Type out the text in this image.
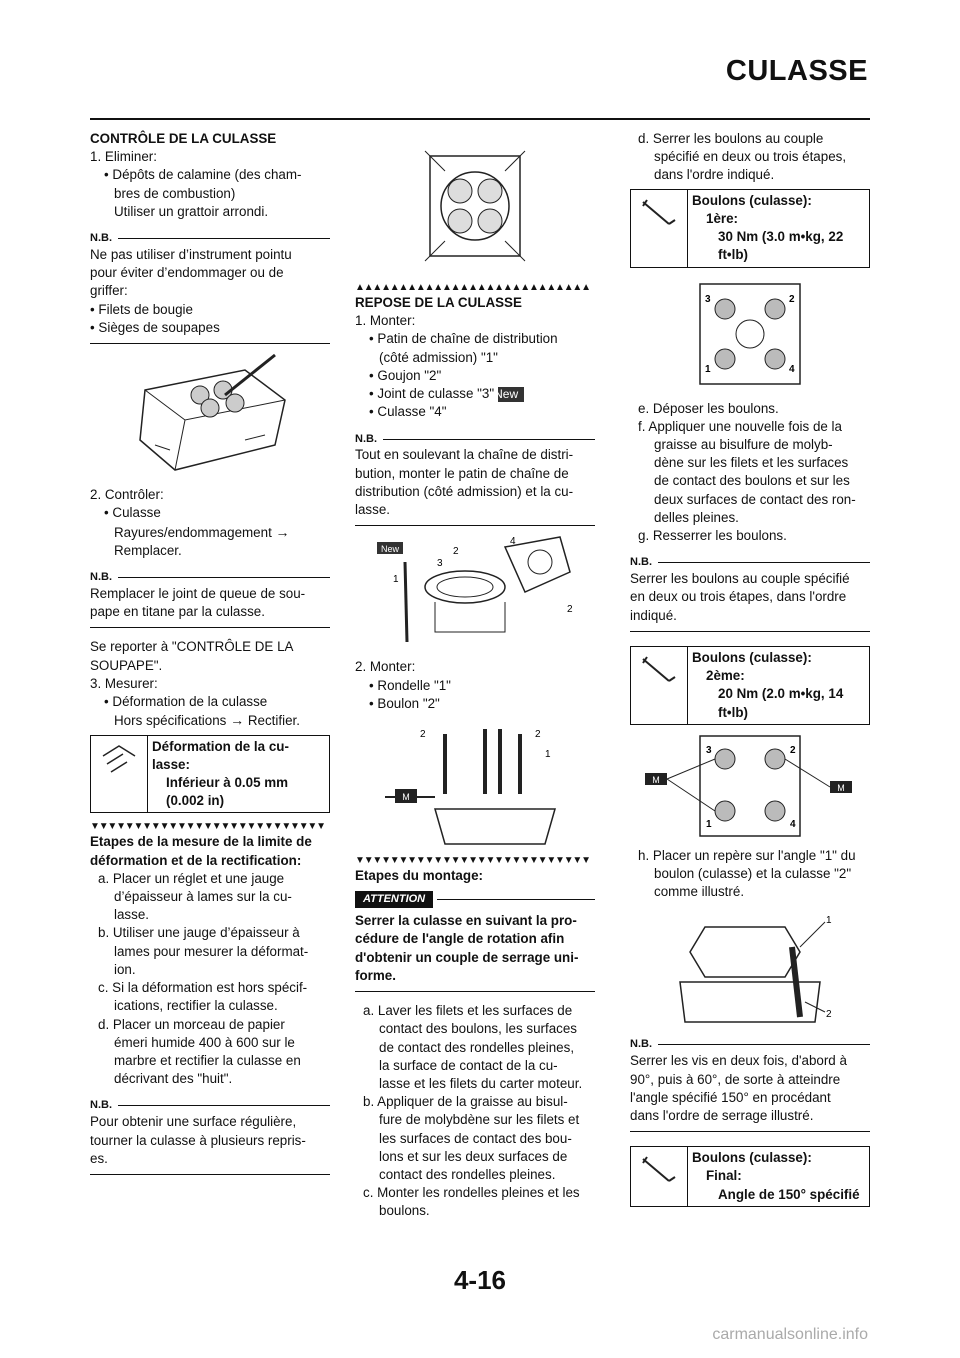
CULASSE
CONTRÔLE DE LA CULASSE
1. Eliminer:
• Dépôts de calamine (des cham-
bres de combustion)
Utiliser un grattoir arrondi.
N.B.
Ne pas utiliser d’instrument pointu
pour éviter d’endommager ou de
griffer:
• Filets de bougie
• Sièges de soupapes
2. Contrôler:
• Culasse
Rayures/endommagement →
Remplacer.
N.B.
Remplacer le joint de queue de sou-
pape en titane par la culasse.
Se reporter à "CONTRÔLE DE LA
SOUPAPE".
3. Mesurer:
• Déformation de la culasse
Hors spécifications → Rectifier.
Déformation de la cu-
lasse:
Inférieur à 0.05 mm
(0.002 in)
▼▼▼▼▼▼▼▼▼▼▼▼▼▼▼▼▼▼▼▼▼▼▼▼▼▼▼
Etapes de la mesure de la limite de
déformation et de la rectification:
a. Placer un réglet et une jauge
d’épaisseur à lames sur la cu-
lasse.
b. Utiliser une jauge d’épaisseur à
lames pour mesurer la déformat-
ion.
c. Si la déformation est hors spécif-
ications, rectifier la culasse.
d. Placer un morceau de papier
émeri humide 400 à 600 sur le
marbre et rectifier la culasse en
décrivant des "huit".
N.B.
Pour obtenir une surface régulière,
tourner la culasse à plusieurs repris-
es.
▲▲▲▲▲▲▲▲▲▲▲▲▲▲▲▲▲▲▲▲▲▲▲▲▲▲▲
REPOSE DE LA CULASSE
1. Monter:
• Patin de chaîne de distribution
(côté admission) "1"
• Goujon "2"
• Joint de culasse "3"New
• Culasse "4"
N.B.
Tout en soulevant la chaîne de distri-
bution, monter le patin de chaîne de
distribution (côté admission) et la cu-
lasse.
New
1
2
3
4
2
2. Monter:
• Rondelle "1"
• Boulon "2"
M
2	2
1
▼▼▼▼▼▼▼▼▼▼▼▼▼▼▼▼▼▼▼▼▼▼▼▼▼▼▼
Etapes du montage:
ATTENTION
Serrer la culasse en suivant la pro-
cédure de l'angle de rotation afin
d'obtenir un couple de serrage uni-
forme.
a. Laver les filets et les surfaces de
contact des boulons, les surfaces
de contact des rondelles pleines,
la surface de contact de la cu-
lasse et les filets du carter moteur.
b. Appliquer de la graisse au bisul-
fure de molybdène sur les filets et
les surfaces de contact des bou-
lons et sur les deux surfaces de
contact des rondelles pleines.
c. Monter les rondelles pleines et les
boulons.
d. Serrer les boulons au couple
spécifié en deux ou trois étapes,
dans l'ordre indiqué.
Boulons (culasse):
1ère:
30 Nm (3.0 m•kg, 22
ft•lb)
3	2
1	4
e. Déposer les boulons.
f. Appliquer une nouvelle fois de la
graisse au bisulfure de molyb-
dène sur les filets et les surfaces
de contact des boulons et sur les
deux surfaces de contact des ron-
delles pleines.
g. Resserrer les boulons.
N.B.
Serrer les boulons au couple spécifié
en deux ou trois étapes, dans l'ordre
indiqué.
Boulons (culasse):
2ème:
20 Nm (2.0 m•kg, 14
ft•lb)
M
M
3	2
1	4
h. Placer un repère sur l'angle "1" du
boulon (culasse) et la culasse "2"
comme illustré.
1
2
N.B.
Serrer les vis en deux fois, d'abord à
90°, puis à 60°, de sorte à atteindre
l'angle spécifié 150° en procédant
dans l'ordre de serrage illustré.
Boulons (culasse):
Final:
Angle de 150° spécifié
4-16
carmanualsonline.info
